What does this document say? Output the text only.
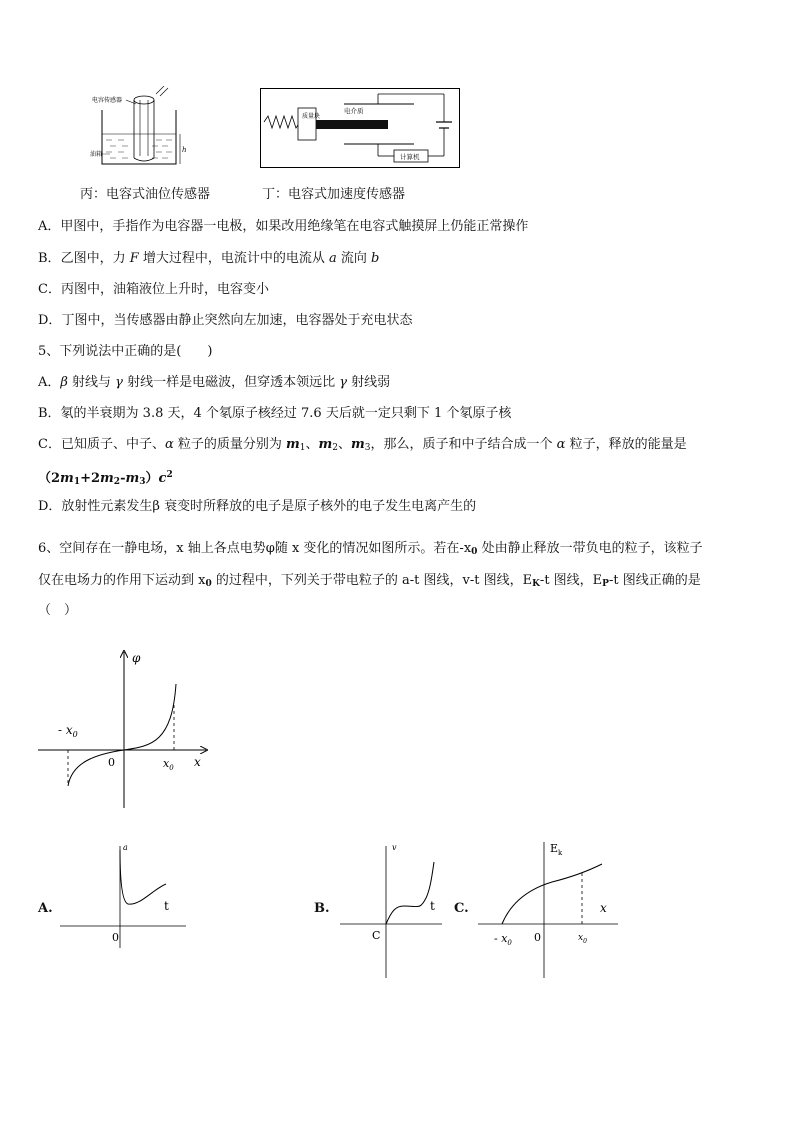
电容传感器
h
油箱
质量块
电介质
计算机
丙：电容式油位传感器	丁：电容式加速度传感器
A．甲图中，手指作为电容器一电极，如果改用绝缘笔在电容式触摸屏上仍能正常操作
B．乙图中，力 F 增大过程中，电流计中的电流从 a 流向 b
C．丙图中，油箱液位上升时，电容变小
D．丁图中，当传感器由静止突然向左加速，电容器处于充电状态
5、下列说法中正确的是(　　)
A．β 射线与 γ 射线一样是电磁波，但穿透本领远比 γ 射线弱
B．氡的半衰期为 3.8 天，4 个氡原子核经过 7.6 天后就一定只剩下 1 个氡原子核
C．已知质子、中子、α 粒子的质量分别为 $m_1$、$m_2$、$m_3$，那么，质子和中子结合成一个 α 粒子，释放的能量是
$(2m_1+2m_2-m_3)c^2$
D．放射性元素发生β 衰变时所释放的电子是原子核外的电子发生电离产生的
6、空间存在一静电场，x 轴上各点电势φ随 x 变化的情况如图所示。若在$-x_0$ 处由静止释放一带负电的粒子，该粒子
仅在电场力的作用下运动到 $x_0$ 的过程中，下列关于带电粒子的 a-t 图线，v-t 图线，$E_K-t$ 图线，$E_P-t$ 图线正确的是
（　）
φ
- $x_0$
0	$x_0$ x
A.
a
t
0
B.
v
t
C
C.
$E_k$
x
- $x_0$ 0	$x_0$
